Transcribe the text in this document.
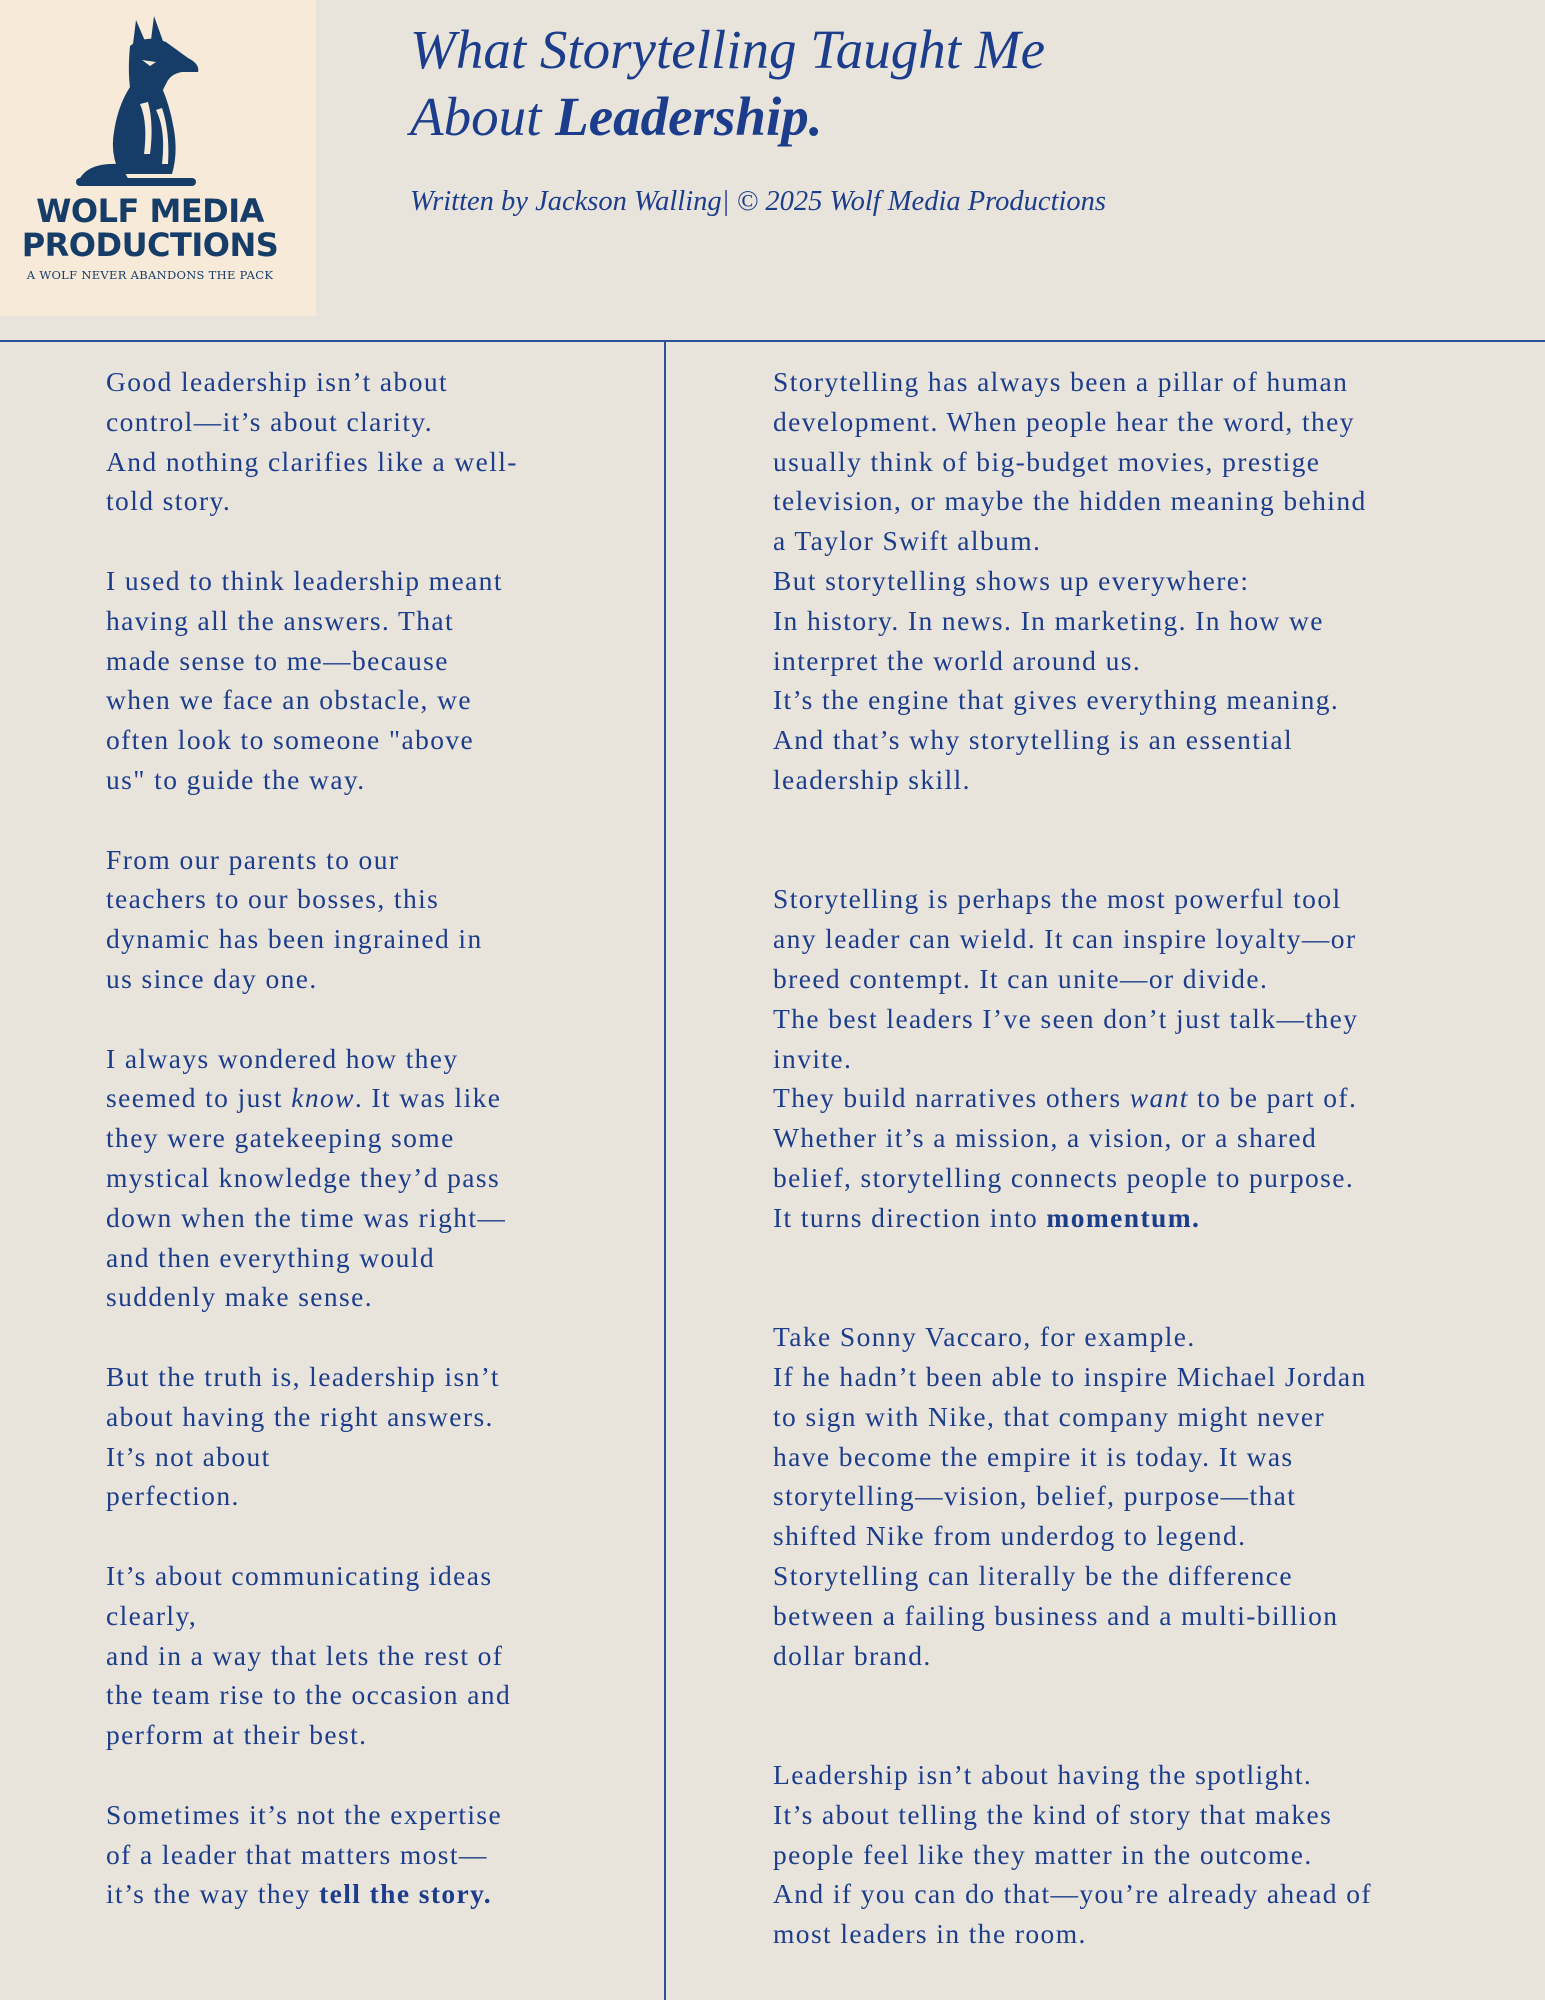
WOLF MEDIA
PRODUCTIONS
A WOLF NEVER ABANDONS THE PACK
What Storytelling Taught Me
About Leadership.
Written by Jackson Walling| © 2025 Wolf Media Productions
Good leadership isn’t about
control—it’s about clarity.
And nothing clarifies like a well-
told story.
I used to think leadership meant
having all the answers. That
made sense to me—because
when we face an obstacle, we
often look to someone "above
us" to guide the way.
From our parents to our
teachers to our bosses, this
dynamic has been ingrained in
us since day one.
I always wondered how they
seemed to just know. It was like
they were gatekeeping some
mystical knowledge they’d pass
down when the time was right—
and then everything would
suddenly make sense.
But the truth is, leadership isn’t
about having the right answers.
It’s not about
perfection.
It’s about communicating ideas
clearly,
and in a way that lets the rest of
the team rise to the occasion and
perform at their best.
Sometimes it’s not the expertise
of a leader that matters most—
it’s the way they tell the story.
Storytelling has always been a pillar of human
development. When people hear the word, they
usually think of big-budget movies, prestige
television, or maybe the hidden meaning behind
a Taylor Swift album.
But storytelling shows up everywhere:
In history. In news. In marketing. In how we
interpret the world around us.
It’s the engine that gives everything meaning.
And that’s why storytelling is an essential
leadership skill.
Storytelling is perhaps the most powerful tool
any leader can wield. It can inspire loyalty—or
breed contempt. It can unite—or divide.
The best leaders I’ve seen don’t just talk—they
invite.
They build narratives others want to be part of.
Whether it’s a mission, a vision, or a shared
belief, storytelling connects people to purpose.
It turns direction into momentum.
Take Sonny Vaccaro, for example.
If he hadn’t been able to inspire Michael Jordan
to sign with Nike, that company might never
have become the empire it is today. It was
storytelling—vision, belief, purpose—that
shifted Nike from underdog to legend.
Storytelling can literally be the difference
between a failing business and a multi-billion
dollar brand.
Leadership isn’t about having the spotlight.
It’s about telling the kind of story that makes
people feel like they matter in the outcome.
And if you can do that—you’re already ahead of
most leaders in the room.
